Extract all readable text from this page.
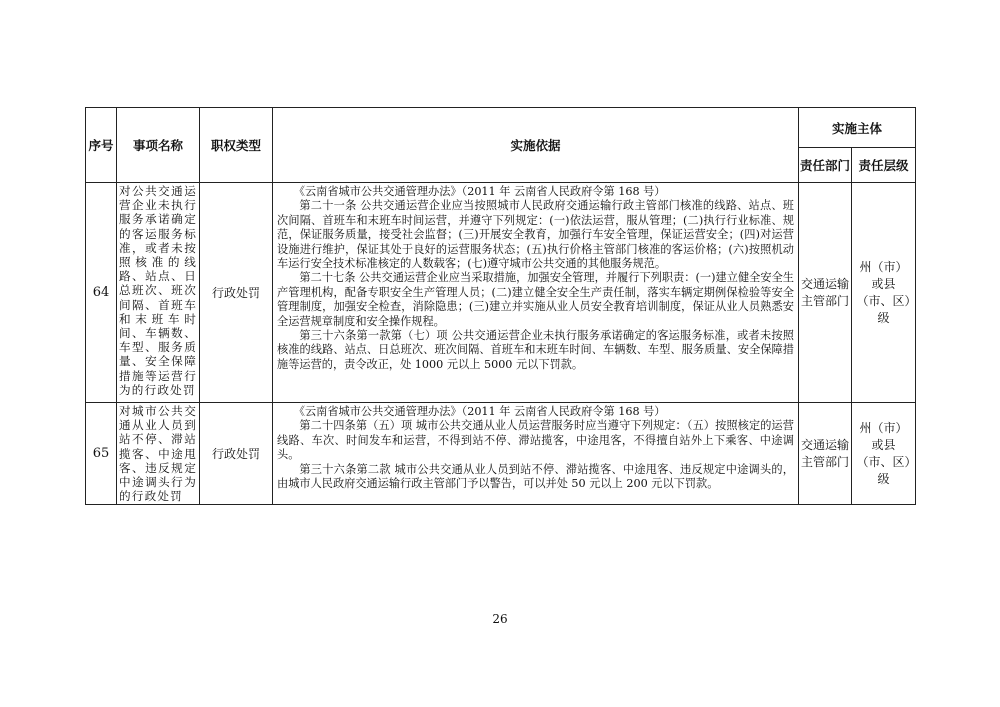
序号	事项名称	职权类型	实施依据	实施主体	
				责任部门	责任层级
64	对公共交通运营企业未执行服务承诺确定的客运服务标准，或者未按照核准的线路、站点、日总班次、班次间隔、首班车和末班车时间、车辆数、车型、服务质量、安全保障措施等运营行为的行政处罚	行政处罚	《云南省城市公共交通管理办法》（2011 年 云南省人民政府令第 168 号）

第二十一条 公共交通运营企业应当按照城市人民政府交通运输行政主管部门核准的线路、站点、班次间隔、首班车和末班车时间运营，并遵守下列规定：(一)依法运营，服从管理；(二)执行行业标准、规范，保证服务质量，接受社会监督；(三)开展安全教育，加强行车安全管理，保证运营安全；(四)对运营设施进行维护，保证其处于良好的运营服务状态；(五)执行价格主管部门核准的客运价格；(六)按照机动车运行安全技术标准核定的人数载客；(七)遵守城市公共交通的其他服务规范。

第二十七条 公共交通运营企业应当采取措施，加强安全管理，并履行下列职责：(一)建立健全安全生产管理机构，配备专职安全生产管理人员；(二)建立健全安全生产责任制，落实车辆定期例保检验等安全管理制度，加强安全检查，消除隐患；(三)建立并实施从业人员安全教育培训制度，保证从业人员熟悉安全运营规章制度和安全操作规程。

第三十六条第一款第（七）项 公共交通运营企业未执行服务承诺确定的客运服务标准，或者未按照核准的线路、站点、日总班次、班次间隔、首班车和末班车时间、车辆数、车型、服务质量、安全保障措施等运营的，责令改正，处 1000 元以上 5000 元以下罚款。	交通运输主管部门	州（市）或县（市、区）级
65	对城市公共交通从业人员到站不停、滞站揽客、中途甩客、违反规定中途调头行为的行政处罚	行政处罚	《云南省城市公共交通管理办法》（2011 年 云南省人民政府令第 168 号）

第二十四条第（五）项 城市公共交通从业人员运营服务时应当遵守下列规定：（五）按照核定的运营线路、车次、时间发车和运营，不得到站不停、滞站揽客，中途甩客，不得擅自站外上下乘客、中途调头。

第三十六条第二款 城市公共交通从业人员到站不停、滞站揽客、中途甩客、违反规定中途调头的，由城市人民政府交通运输行政主管部门予以警告，可以并处 50 元以上 200 元以下罚款。	交通运输主管部门	州（市）或县（市、区）级
26
